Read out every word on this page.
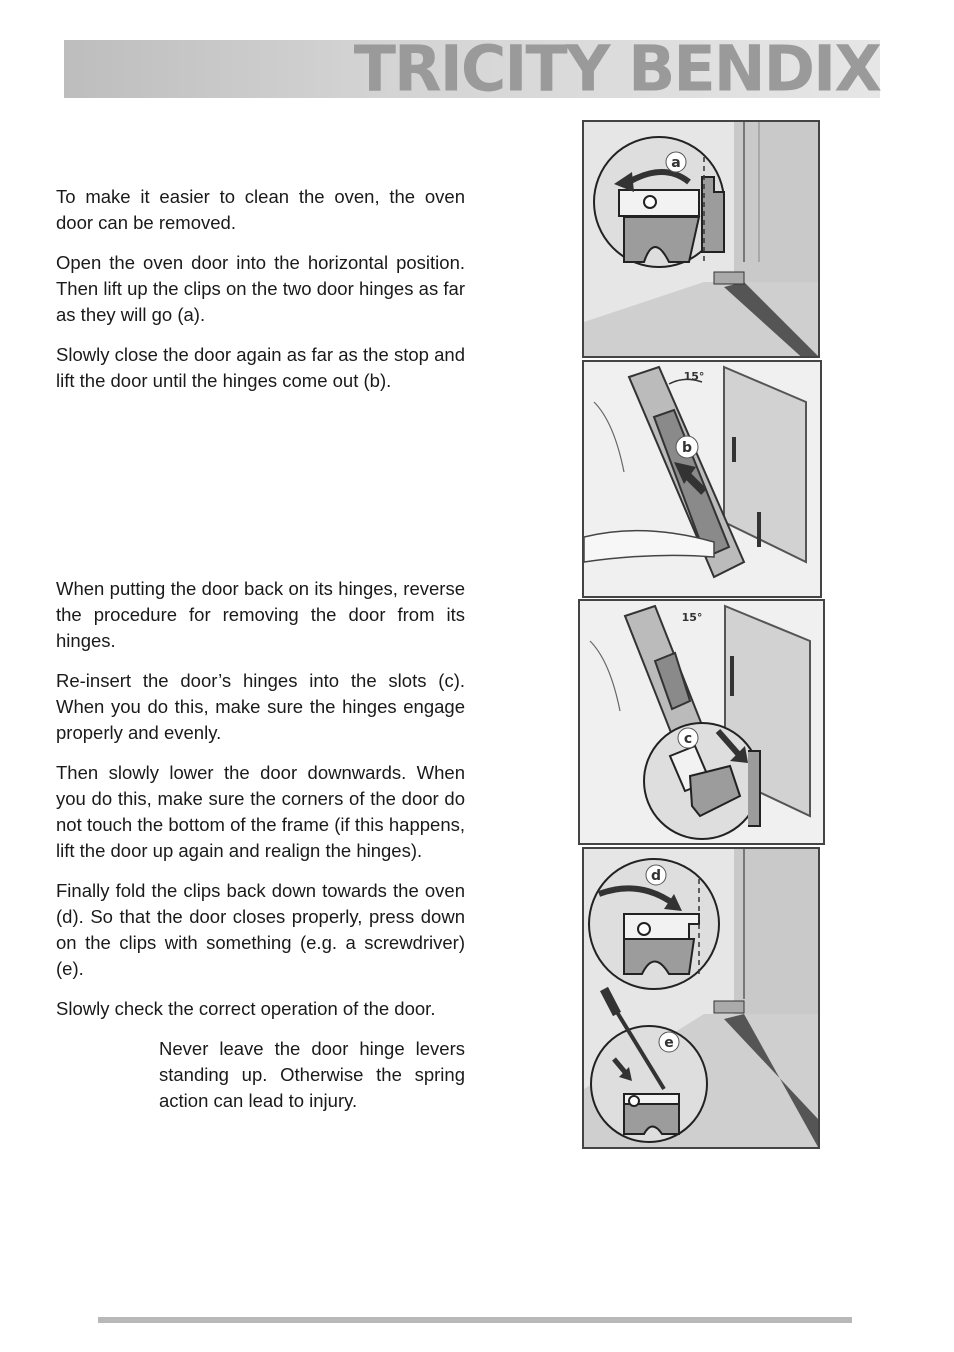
TRICITY BENDIX

To make it easier to clean the oven, the oven door can be removed.

Open the oven door into the horizontal position. Then lift up the clips on the two door hinges as far as they will go (a).

Slowly close the door again as far as the stop and lift the door until the hinges come out (b).

When putting the door back on its hinges, reverse the procedure for removing the door from its hinges.

Re-insert the door’s hinges into the slots (c). When you do this, make sure the hinges engage properly and evenly.

Then slowly lower the door downwards. When you do this, make sure the corners of the door do not touch the bottom of the frame (if this happens, lift the door up again and realign the hinges).

Finally fold the clips back down towards the oven (d). So that the door closes properly, press down on the clips with something (e.g. a screwdriver) (e).

Slowly check the correct operation of the door.

Never leave the door hinge levers standing up. Otherwise the spring action can lead to injury.

a
15°
b
15°
c
d
e
